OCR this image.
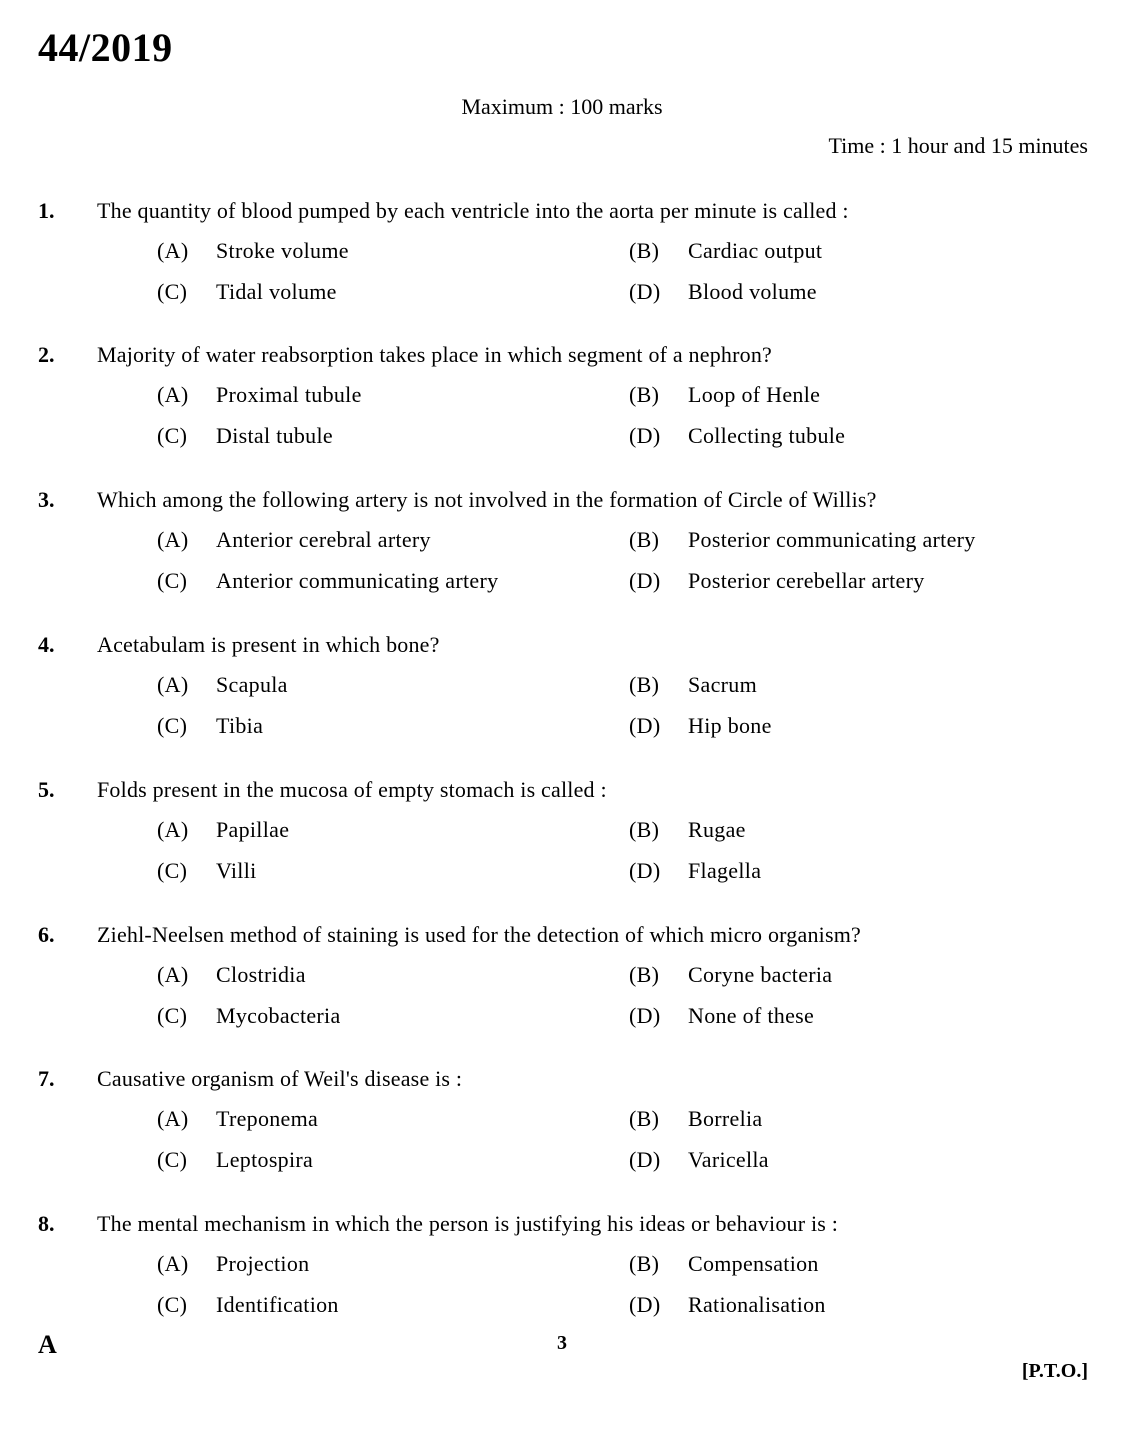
44/2019
Maximum : 100 marks
Time : 1 hour and 15 minutes
1. The quantity of blood pumped by each ventricle into the aorta per minute is called :
(A) Stroke volume	(B) Cardiac output
(C) Tidal volume	(D) Blood volume
2. Majority of water reabsorption takes place in which segment of a nephron?
(A) Proximal tubule	(B) Loop of Henle
(C) Distal tubule	(D) Collecting tubule
3. Which among the following artery is not involved in the formation of Circle of Willis?
(A) Anterior cerebral artery	(B) Posterior communicating artery
(C) Anterior communicating artery	(D) Posterior cerebellar artery
4. Acetabulam is present in which bone?
(A) Scapula	(B) Sacrum
(C) Tibia	(D) Hip bone
5. Folds present in the mucosa of empty stomach is called :
(A) Papillae	(B) Rugae
(C) Villi	(D) Flagella
6. Ziehl-Neelsen method of staining is used for the detection of which micro organism?
(A) Clostridia	(B) Coryne bacteria
(C) Mycobacteria	(D) None of these
7. Causative organism of Weil's disease is :
(A) Treponema	(B) Borrelia
(C) Leptospira	(D) Varicella
8. The mental mechanism in which the person is justifying his ideas or behaviour is :
(A) Projection	(B) Compensation
(C) Identification	(D) Rationalisation
A	3
[P.T.O.]
